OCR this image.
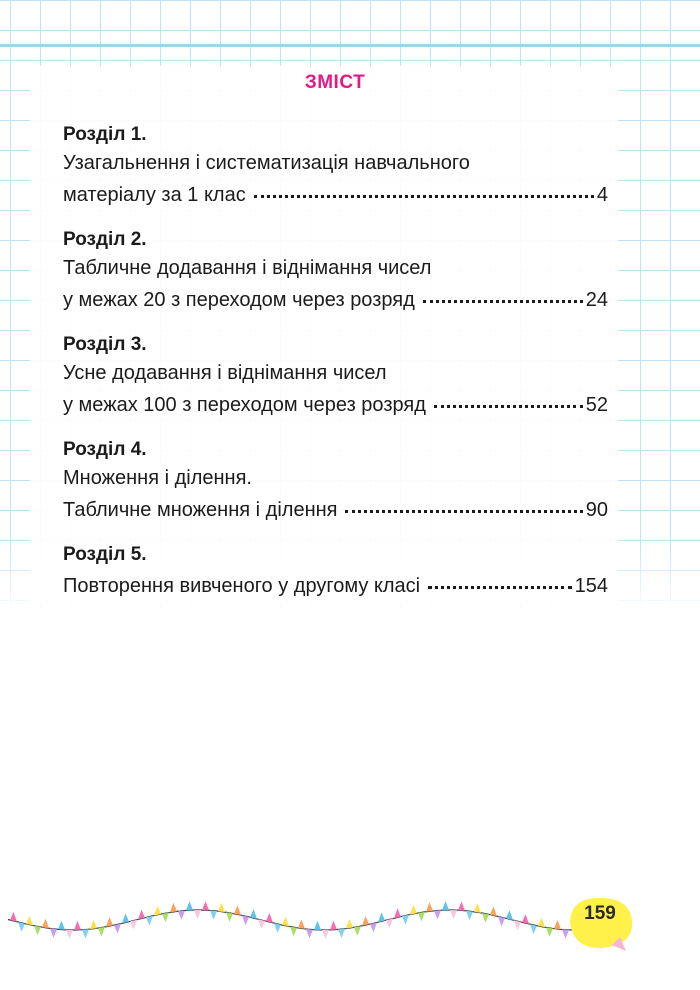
ЗМІСТ
Розділ 1.
Узагальнення і систематизація навчального
матеріалу за 1 клас	4
Розділ 2.
Табличне додавання і віднімання чисел
у межах 20 з переходом через розряд	24
Розділ 3.
Усне додавання і віднімання чисел
у межах 100 з переходом через розряд	52
Розділ 4.
Множення і ділення.
Табличне множення і ділення	90
Розділ 5.
Повторення вивченого у другому класі	154
159
